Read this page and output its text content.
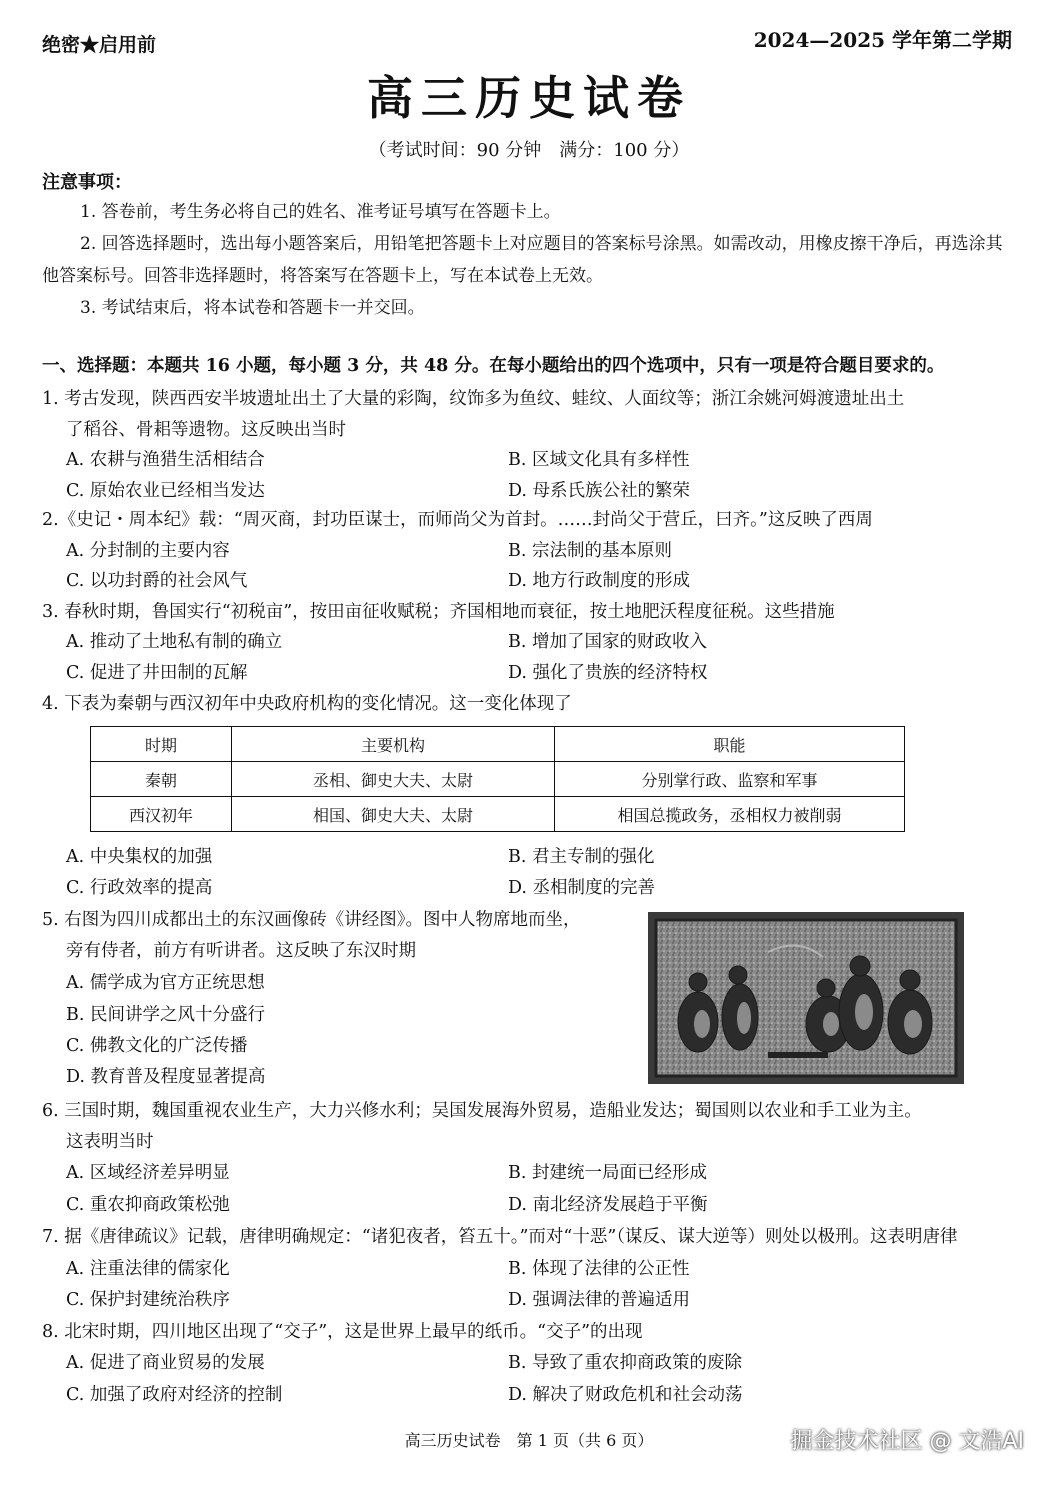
绝密★启用前	2024—2025 学年第二学期
高三历史试卷
（考试时间：90 分钟　满分：100 分）
注意事项：
1. 答卷前，考生务必将自己的姓名、准考证号填写在答题卡上。
2. 回答选择题时，选出每小题答案后，用铅笔把答题卡上对应题目的答案标号涂黑。如需改动，用橡皮擦干净后，再选涂其他答案标号。回答非选择题时，将答案写在答题卡上，写在本试卷上无效。
3. 考试结束后，将本试卷和答题卡一并交回。
一、选择题：本题共 16 小题，每小题 3 分，共 48 分。在每小题给出的四个选项中，只有一项是符合题目要求的。
1. 考古发现，陕西西安半坡遗址出土了大量的彩陶，纹饰多为鱼纹、蛙纹、人面纹等；浙江余姚河姆渡遗址出土
了稻谷、骨耜等遗物。这反映出当时
A. 农耕与渔猎生活相结合	B. 区域文化具有多样性
C. 原始农业已经相当发达	D. 母系氏族公社的繁荣
2.《史记・周本纪》载：“周灭商，封功臣谋士，而师尚父为首封。……封尚父于营丘，曰齐。”这反映了西周
A. 分封制的主要内容	B. 宗法制的基本原则
C. 以功封爵的社会风气	D. 地方行政制度的形成
3. 春秋时期，鲁国实行“初税亩”，按田亩征收赋税；齐国相地而衰征，按土地肥沃程度征税。这些措施
A. 推动了土地私有制的确立	B. 增加了国家的财政收入
C. 促进了井田制的瓦解	D. 强化了贵族的经济特权
4. 下表为秦朝与西汉初年中央政府机构的变化情况。这一变化体现了
时期	主要机构	职能
秦朝	丞相、御史大夫、太尉	分别掌行政、监察和军事
西汉初年	相国、御史大夫、太尉	相国总揽政务，丞相权力被削弱
A. 中央集权的加强	B. 君主专制的强化
C. 行政效率的提高	D. 丞相制度的完善
5. 右图为四川成都出土的东汉画像砖《讲经图》。图中人物席地而坐，
旁有侍者，前方有听讲者。这反映了东汉时期
A. 儒学成为官方正统思想
B. 民间讲学之风十分盛行
C. 佛教文化的广泛传播
D. 教育普及程度显著提高
6. 三国时期，魏国重视农业生产，大力兴修水利；吴国发展海外贸易，造船业发达；蜀国则以农业和手工业为主。
这表明当时
A. 区域经济差异明显	B. 封建统一局面已经形成
C. 重农抑商政策松弛	D. 南北经济发展趋于平衡
7. 据《唐律疏议》记载，唐律明确规定：“诸犯夜者，笞五十。”而对“十恶”（谋反、谋大逆等）则处以极刑。这表明唐律
A. 注重法律的儒家化	B. 体现了法律的公正性
C. 保护封建统治秩序	D. 强调法律的普遍适用
8. 北宋时期，四川地区出现了“交子”，这是世界上最早的纸币。“交子”的出现
A. 促进了商业贸易的发展	B. 导致了重农抑商政策的废除
C. 加强了政府对经济的控制	D. 解决了财政危机和社会动荡
高三历史试卷　第 1 页（共 6 页）	掘金技术社区 @ 文浩AI
